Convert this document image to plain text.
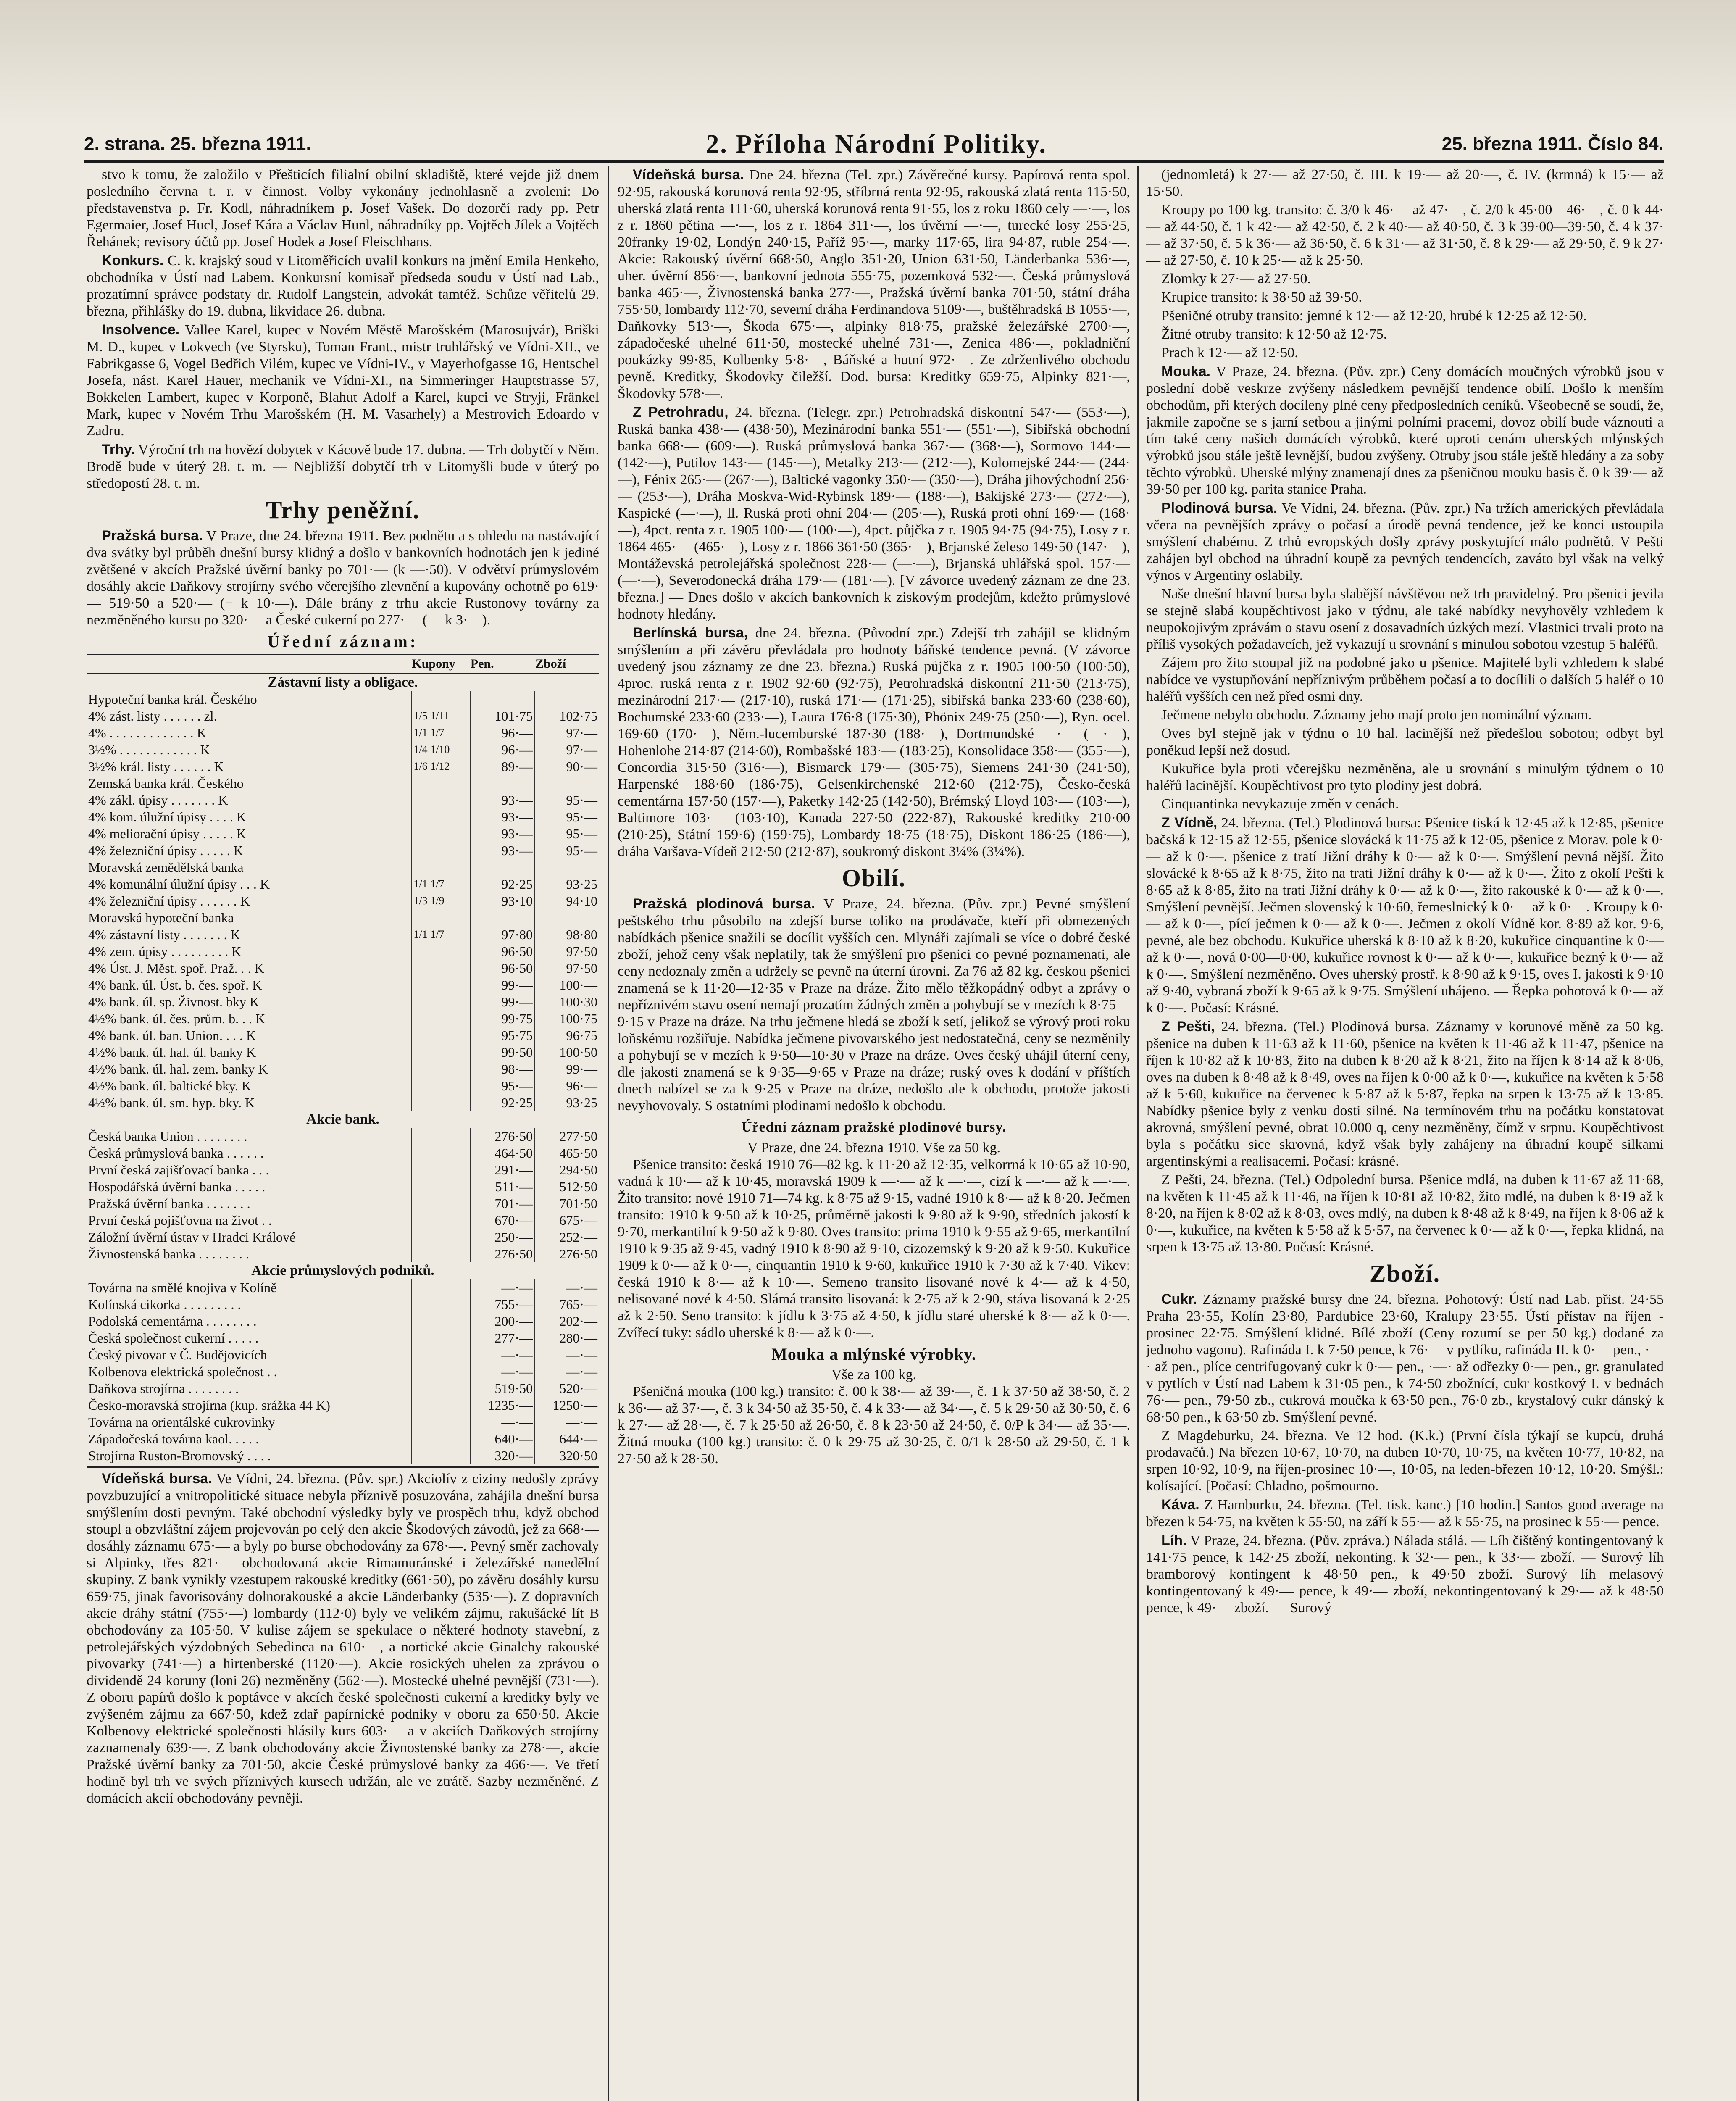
2. strana. 25. března 1911.	2. Příloha Národní Politiky.	25. března 1911. Číslo 84.

stvo k tomu, že založilo v Přešticích filialní obilní skladiště, které vejde již dnem posledního června t. r. v činnost. Volby vykonány jednohlasně a zvoleni: Do představenstva p. Fr. Kodl, náhradníkem p. Josef Vašek. Do dozorčí rady pp. Petr Egermaier, Josef Hucl, Josef Kára a Václav Hunl, náhradníky pp. Vojtěch Jílek a Vojtěch Řehánek; revisory účtů pp. Josef Hodek a Josef Fleischhans.

Konkurs. C. k. krajský soud v Litoměřicích uvalil konkurs na jmění Emila Henkeho, obchodníka v Ústí nad Labem. Konkursní komisař předseda soudu v Ústí nad Lab., prozatímní správce podstaty dr. Rudolf Langstein, advokát tamtéž. Schůze věřitelů 29. března, přihlášky do 19. dubna, likvidace 26. dubna.

Insolvence. Vallee Karel, kupec v Novém Městě Marošském (Marosujvár), Briški M. D., kupec v Lokvech (ve Styrsku), Toman Frant., mistr truhlářský ve Vídni-XII., ve Fabrikgasse 6, Vogel Bedřich Vilém, kupec ve Vídni-IV., v Mayerhofgasse 16, Hentschel Josefa, nást. Karel Hauer, mechanik ve Vídni-XI., na Simmeringer Hauptstrasse 57, Bokkelen Lambert, kupec v Korponě, Blahut Adolf a Karel, kupci ve Stryji, Fränkel Mark, kupec v Novém Trhu Marošském (H. M. Vasarhely) a Mestrovich Edoardo v Zadru.

Trhy. Výroční trh na hovězí dobytek v Kácově bude 17. dubna. — Trh dobytčí v Něm. Brodě bude v úterý 28. t. m. — Nejbližší dobytčí trh v Litomyšli bude v úterý po středopostí 28. t. m.

Trhy peněžní.

Pražská bursa. V Praze, dne 24. března 1911. Bez podnětu a s ohledu na nastávající dva svátky byl průběh dnešní bursy klidný a došlo v bankovních hodnotách jen k jediné zvětšené v akcích Pražské úvěrní banky po 701·— (k —·50). V odvětví průmyslovém dosáhly akcie Daňkovy strojírny svého včerejšího zlevnění a kupovány ochotně po 619·— 519·50 a 520·— (+ k 10·—). Dále brány z trhu akcie Rustonovy továrny za nezměněného kursu po 320·— a České cukerní po 277·— (— k 3·—).

Úřední záznam:
	Kupony	Pen.	Zboží
Zástavní listy a obligace.			
Hypoteční banka král. Českého			
4% zást. listy . . . . . . zl.	1/5 1/11	101·75	102·75
4% . . . . . . . . . . . . . K	1/1 1/7	96·—	97·—
3½% . . . . . . . . . . . . K	1/4 1/10	96·—	97·—
3½% král. listy . . . . . . K	1/6 1/12	89·—	90·—
Zemská banka král. Českého			
4% zákl. úpisy . . . . . . . K		93·—	95·—
4% kom. úlužní úpisy . . . . K		93·—	95·—
4% meliorační úpisy . . . . . K		93·—	95·—
4% železniční úpisy . . . . . K		93·—	95·—
Moravská zemědělská banka			
4% komunální úlužní úpisy . . . K	1/1 1/7	92·25	93·25
4% železniční úpisy . . . . . . K	1/3 1/9	93·10	94·10
Moravská hypoteční banka			
4% zástavní listy . . . . . . . K	1/1 1/7	97·80	98·80
4% zem. úpisy . . . . . . . . . K		96·50	97·50
4% Úst. J. Měst. spoř. Praž. . . K		96·50	97·50
4% bank. úl. Úst. b. čes. spoř. K		99·—	100·—
4% bank. úl. sp. Živnost. bky K		99·—	100·30
4½% bank. úl. čes. prům. b. . . K		99·75	100·75
4% bank. úl. ban. Union. . . . K		95·75	96·75
4½% bank. úl. hal. úl. banky K		99·50	100·50
4½% bank. úl. hal. zem. banky K		98·—	99·—
4½% bank. úl. baltické bky. K		95·—	96·—
4½% bank. úl. sm. hyp. bky. K		92·25	93·25
Akcie bank.			
Česká banka Union . . . . . . . .		276·50	277·50
Česká průmyslová banka . . . . . .		464·50	465·50
První česká zajišťovací banka . . .		291·—	294·50
Hospodářská úvěrní banka . . . . .		511·—	512·50
Pražská úvěrní banka . . . . . . .		701·—	701·50
První česká pojišťovna na život . .		670·—	675·—
Záložní úvěrní ústav v Hradci Králové		250·—	252·—
Živnostenská banka . . . . . . . .		276·50	276·50
Akcie průmyslových podniků.			
Továrna na smělé knojiva v Kolíně		—·—	—·—
Kolínská cikorka . . . . . . . . .		755·—	765·—
Podolská cementárna . . . . . . . .		200·—	202·—
Česká společnost cukerní . . . . .		277·—	280·—
Český pivovar v Č. Budějovicích		—·—	—·—
Kolbenova elektrická společnost . .		—·—	—·—
Daňkova strojírna . . . . . . . .		519·50	520·—
Česko-moravská strojírna (kup. srážka 44 K)		1235·—	1250·—
Továrna na orientálské cukrovinky		—·—	—·—
Západočeská továrna kaol. . . . .		640·—	644·—
Strojírna Ruston-Bromovský . . . .		320·—	320·50

Vídeňská bursa. Ve Vídni, 24. března. (Pův. spr.) Akciolív z ciziny nedošly zprávy povzbuzující a vnitropolitické situace nebyla příznivě posuzována, zahájila dnešní bursa smýšlením dosti pevným. Také obchodní výsledky byly ve prospěch trhu, když obchod stoupl a obzvláštní zájem projevován po celý den akcie Škodových závodů, jež za 668·— dosáhly záznamu 675·— a byly po burse obchodovány za 678·—. Pevný směr zachovaly si Alpinky, třes 821·— obchodovaná akcie Rimamuránské i železářské nanedělní skupiny. Z bank vynikly vzestupem rakouské kreditky (661·50), po závěru dosáhly kursu 659·75, jinak favorisovány dolnorakouské a akcie Länderbanky (535·—). Z dopravních akcie dráhy státní (755·—) lombardy (112·0) byly ve velikém zájmu, rakušácké lít B obchodovány za 105·50. V kulise zájem se spekulace o některé hodnoty stavební, z petrolejářských výzdobných Sebedinca na 610·—, a nortické akcie Ginalchy rakouské pivovarky (741·—) a hirtenberské (1120·—). Akcie rosických uhelen za zprávou o dividendě 24 koruny (loni 26) nezměněny (562·—). Mostecké uhelné pevnější (731·—). Z oboru papírů došlo k poptávce v akcích české společnosti cukerní a kreditky byly ve zvýšeném zájmu za 667·50, kdež zdař papírnické podniky v oboru za 650·50. Akcie Kolbenovy elektrické společnosti hlásily kurs 603·— a v akciích Daňkových strojírny zaznamenaly 639·—. Z bank obchodovány akcie Živnostenské banky za 278·—, akcie Pražské úvěrní banky za 701·50, akcie České průmyslové banky za 466·—. Ve třetí hodině byl trh ve svých příznivých kursech udržán, ale ve ztrátě. Sazby nezměněné. Z domácích akcií obchodovány pevněji.

Vídeňská bursa. Dne 24. března (Tel. zpr.) Závěrečné kursy. Papírová renta spol. 92·95, rakouská korunová renta 92·95, stříbrná renta 92·95, rakouská zlatá renta 115·50, uherská zlatá renta 111·60, uherská korunová renta 91·55, los z roku 1860 cely —·—, los z r. 1860 pětina —·—, los z r. 1864 311·—, los úvěrní —·—, turecké losy 255·25, 20franky 19·02, Londýn 240·15, Paříž 95·—, marky 117·65, lira 94·87, ruble 254·—. Akcie: Rakouský úvěrní 668·50, Anglo 351·20, Union 631·50, Länderbanka 536·—, uher. úvěrní 856·—, bankovní jednota 555·75, pozemková 532·—. Česká průmyslová banka 465·—, Živnostenská banka 277·—, Pražská úvěrní banka 701·50, státní dráha 755·50, lombardy 112·70, severní dráha Ferdinandova 5109·—, buštěhradská B 1055·—, Daňkovky 513·—, Škoda 675·—, alpinky 818·75, pražské železářské 2700·—, západočeské uhelné 611·50, mostecké uhelné 731·—, Zenica 486·—, pokladniční poukázky 99·85, Kolbenky 5·8·—, Báňské a hutní 972·—. Ze zdrženlivého obchodu pevně. Kreditky, Škodovky čiležší. Dod. bursa: Kreditky 659·75, Alpinky 821·—, Škodovky 578·—.

Z Petrohradu, 24. března. (Telegr. zpr.) Petrohradská diskontní 547·— (553·—), Ruská banka 438·— (438·50), Mezinárodní banka 551·— (551·—), Sibiřská obchodní banka 668·— (609·—). Ruská průmyslová banka 367·— (368·—), Sormovo 144·— (142·—), Putilov 143·— (145·—), Metalky 213·— (212·—), Kolomejské 244·— (244·—), Fénix 265·— (267·—), Baltické vagonky 350·— (350·—), Dráha jihovýchodní 256·— (253·—), Dráha Moskva-Wid-Rybinsk 189·— (188·—), Bakijské 273·— (272·—), Kaspické (—·—), ll. Ruská proti ohní 204·— (205·—), Ruská proti ohní 169·— (168·—), 4pct. renta z r. 1905 100·— (100·—), 4pct. půjčka z r. 1905 94·75 (94·75), Losy z r. 1864 465·— (465·—), Losy z r. 1866 361·50 (365·—), Brjanské želeso 149·50 (147·—), Montáževská petrolejářská společnost 228·— (—·—), Brjanská uhlářská spol. 157·— (—·—), Severodonecká dráha 179·— (181·—). [V závorce uvedený záznam ze dne 23. března.] — Dnes došlo v akcích bankovních k ziskovým prodejům, kdežto průmyslové hodnoty hledány.

Berlínská bursa, dne 24. března. (Původní zpr.) Zdejší trh zahájil se klidným smýšlením a při závěru převládala pro hodnoty báňské tendence pevná. (V závorce uvedený jsou záznamy ze dne 23. března.) Ruská půjčka z r. 1905 100·50 (100·50), 4proc. ruská renta z r. 1902 92·60 (92·75), Petrohradská diskontní 211·50 (213·75), mezinárodní 217·— (217·10), ruská 171·— (171·25), sibiřská banka 233·60 (238·60), Bochumské 233·60 (233·—), Laura 176·8 (175·30), Phönix 249·75 (250·—), Ryn. ocel. 169·60 (170·—), Něm.-lucemburské 187·30 (188·—), Dortmundské —·— (—·—), Hohenlohe 214·87 (214·60), Rombašské 183·— (183·25), Konsolidace 358·— (355·—), Concordia 315·50 (316·—), Bismarck 179·— (305·75), Siemens 241·30 (241·50), Harpenské 188·60 (186·75), Gelsenkirchenské 212·60 (212·75), Česko-česká cementárna 157·50 (157·—), Paketky 142·25 (142·50), Brémský Lloyd 103·— (103·—), Baltimore 103·— (103·10), Kanada 227·50 (222·87), Rakouské kreditky 210·00 (210·25), Státní 159·6) (159·75), Lombardy 18·75 (18·75), Diskont 186·25 (186·—), dráha Varšava-Vídeň 212·50 (212·87), soukromý diskont 3¼% (3¼%).

Obilí.

Pražská plodinová bursa. V Praze, 24. března. (Pův. zpr.) Pevné smýšlení peštského trhu působilo na zdejší burse toliko na prodávače, kteří při obmezených nabídkách pšenice snažili se docílit vyšších cen. Mlynáři zajímali se více o dobré české zboží, jehož ceny však neplatily, tak že smýšlení pro pšenici co pevné poznamenati, ale ceny nedoznaly změn a udržely se pevně na úterní úrovni. Za 76 až 82 kg. českou pšenici znamená se k 11·20—12·35 v Praze na dráze. Žito mělo těžkopádný odbyt a zprávy o nepříznivém stavu osení nemají prozatím žádných změn a pohybují se v mezích k 8·75—9·15 v Praze na dráze. Na trhu ječmene hledá se zboží k setí, jelikož se výrový proti roku loňskému rozšiřuje. Nabídka ječmene pivovarského jest nedostatečná, ceny se nezměnily a pohybují se v mezích k 9·50—10·30 v Praze na dráze. Oves český uhájil úterní ceny, dle jakosti znamená se k 9·35—9·65 v Praze na dráze; ruský oves k dodání v příštích dnech nabízel se za k 9·25 v Praze na dráze, nedošlo ale k obchodu, protože jakosti nevyhovovaly. S ostatními plodinami nedošlo k obchodu.

Úřední záznam pražské plodinové bursy.
V Praze, dne 24. března 1910. Vše za 50 kg.

Pšenice transito: česká 1910 76—82 kg. k 11·20 až 12·35, velkorrná k 10·65 až 10·90, vadná k 10·— až k 10·45, moravská 1909 k —·— až k —·—, cizí k —·— až k —·—. Žito transito: nové 1910 71—74 kg. k 8·75 až 9·15, vadné 1910 k 8·— až k 8·20. Ječmen transito: 1910 k 9·50 až k 10·25, průměrně jakosti k 9·80 až k 9·90, středních jakostí k 9·70, merkantilní k 9·50 až k 9·80. Oves transito: prima 1910 k 9·55 až 9·65, merkantilní 1910 k 9·35 až 9·45, vadný 1910 k 8·90 až 9·10, cizozemský k 9·20 až k 9·50. Kukuřice 1909 k 0·— až k 0·—, cinquantin 1910 k 9·60, kukuřice 1910 k 7·30 až k 7·40. Vikev: česká 1910 k 8·— až k 10·—. Semeno transito lisované nové k 4·— až k 4·50, nelisované nové k 4·50. Slámá transito lisovaná: k 2·75 až k 2·90, stáva lisovaná k 2·25 až k 2·50. Seno transito: k jídlu k 3·75 až 4·50, k jídlu staré uherské k 8·— až k 0·—. Zvířecí tuky: sádlo uherské k 8·— až k 0·—.

Mouka a mlýnské výrobky.
Vše za 100 kg.

Pšeničná mouka (100 kg.) transito: č. 00 k 38·— až 39·—, č. 1 k 37·50 až 38·50, č. 2 k 36·— až 37·—, č. 3 k 34·50 až 35·50, č. 4 k 33·— až 34·—, č. 5 k 29·50 až 30·50, č. 6 k 27·— až 28·—, č. 7 k 25·50 až 26·50, č. 8 k 23·50 až 24·50, č. 0/P k 34·— až 35·—. Žitná mouka (100 kg.) transito: č. 0 k 29·75 až 30·25, č. 0/1 k 28·50 až 29·50, č. 1 k 27·50 až k 28·50.

(jednomletá) k 27·— až 27·50, č. III. k 19·— až 20·—, č. IV. (krmná) k 15·— až 15·50.

Kroupy po 100 kg. transito: č. 3/0 k 46·— až 47·—, č. 2/0 k 45·00—46·—, č. 0 k 44·— až 44·50, č. 1 k 42·— až 42·50, č. 2 k 40·— až 40·50, č. 3 k 39·00—39·50, č. 4 k 37·— až 37·50, č. 5 k 36·— až 36·50, č. 6 k 31·— až 31·50, č. 8 k 29·— až 29·50, č. 9 k 27·— až 27·50, č. 10 k 25·— až k 25·50.

Zlomky k 27·— až 27·50.

Krupice transito: k 38·50 až 39·50.

Pšeničné otruby transito: jemné k 12·— až 12·20, hrubé k 12·25 až 12·50.

Žitné otruby transito: k 12·50 až 12·75.

Prach k 12·— až 12·50.

Mouka. V Praze, 24. března. (Pův. zpr.) Ceny domácích moučných výrobků jsou v poslední době veskrze zvýšeny následkem pevnější tendence obilí. Došlo k menším obchodům, při kterých docíleny plné ceny předposledních ceníků. Všeobecně se soudí, že, jakmile započne se s jarní setbou a jinými polními pracemi, dovoz obilí bude váznouti a tím také ceny našich domácích výrobků, které oproti cenám uherských mlýnských výrobků jsou stále ještě levnější, budou zvýšeny. Otruby jsou stále ještě hledány a za soby těchto výrobků. Uherské mlýny znamenají dnes za pšeničnou mouku basis č. 0 k 39·— až 39·50 per 100 kg. parita stanice Praha.

Plodinová bursa. Ve Vídni, 24. března. (Pův. zpr.) Na tržích amerických převládala včera na pevnějších zprávy o počasí a úrodě pevná tendence, jež ke konci ustoupila smýšlení chabému. Z trhů evropských došly zprávy poskytující málo podnětů. V Pešti zahájen byl obchod na úhradní koupě za pevných tendencích, zaváto byl však na velký výnos v Argentiny oslabily.

Naše dnešní hlavní bursa byla slabější návštěvou než trh pravidelný. Pro pšenici jevila se stejně slabá koupěchtivost jako v týdnu, ale také nabídky nevyhověly vzhledem k neupokojivým zprávám o stavu osení z dosavadních úzkých mezí. Vlastnici trvali proto na příliš vysokých požadavcích, jež vykazují u srovnání s minulou sobotou vzestup 5 haléřů.

Zájem pro žito stoupal již na podobné jako u pšenice. Majitelé byli vzhledem k slabé nabídce ve vystupňování nepříznivým průběhem počasí a to docílili o dalších 5 haléř o 10 haléřů vyšších cen než před osmi dny.

Ječmene nebylo obchodu. Záznamy jeho mají proto jen nominální význam.

Oves byl stejně jak v týdnu o 10 hal. lacinější než předešlou sobotou; odbyt byl poněkud lepší než dosud.

Kukuřice byla proti včerejšku nezměněna, ale u srovnání s minulým týdnem o 10 haléřů lacinější. Koupěchtivost pro tyto plodiny jest dobrá.

Cinquantinka nevykazuje změn v cenách.

Z Vídně, 24. března. (Tel.) Plodinová bursa: Pšenice tiská k 12·45 až k 12·85, pšenice bačská k 12·15 až 12·55, pšenice slovácká k 11·75 až k 12·05, pšenice z Morav. pole k 0·— až k 0·—. pšenice z tratí Jižní dráhy k 0·— až k 0·—. Smýšlení pevná nější. Žito slovácké k 8·65 až k 8·75, žito na trati Jižní dráhy k 0·— až k 0·—. Žito z okolí Pešti k 8·65 až k 8·85, žito na trati Jižní dráhy k 0·— až k 0·—, žito rakouské k 0·— až k 0·—. Smýšlení pevnější. Ječmen slovenský k 10·60, řemeslnický k 0·— až k 0·—. Kroupy k 0·— až k 0·—, pící ječmen k 0·— až k 0·—. Ječmen z okolí Vídně kor. 8·89 až kor. 9·6, pevné, ale bez obchodu. Kukuřice uherská k 8·10 až k 8·20, kukuřice cinquantine k 0·— až k 0·—, nová 0·00—0·00, kukuřice rovnost k 0·— až k 0·—, kukuřice bezný k 0·— až k 0·—. Smýšlení nezměněno. Oves uherský prostř. k 8·90 až k 9·15, oves I. jakosti k 9·10 až 9·40, vybraná zboží k 9·65 až k 9·75. Smýšlení uhájeno. — Řepka pohotová k 0·— až k 0·—. Počasí: Krásné.

Z Pešti, 24. března. (Tel.) Plodinová bursa. Záznamy v korunové měně za 50 kg. pšenice na duben k 11·63 až k 11·60, pšenice na květen k 11·46 až k 11·47, pšenice na říjen k 10·82 až k 10·83, žito na duben k 8·20 až k 8·21, žito na říjen k 8·14 až k 8·06, oves na duben k 8·48 až k 8·49, oves na říjen k 0·00 až k 0·—, kukuřice na květen k 5·58 až k 5·60, kukuřice na červenec k 5·87 až k 5·87, řepka na srpen k 13·75 až k 13·85. Nabídky pšenice byly z venku dosti silné. Na termínovém trhu na počátku konstatovat akrovná, smýšlení pevné, obrat 10.000 q, ceny nezměněny, čímž v srpnu. Koupěchtivost byla s počátku sice skrovná, když však byly zahájeny na úhradní koupě silkami argentinskými a realisacemi. Počasí: krásné.

Z Pešti, 24. března. (Tel.) Odpolední bursa. Pšenice mdlá, na duben k 11·67 až 11·68, na květen k 11·45 až k 11·46, na říjen k 10·81 až 10·82, žito mdlé, na duben k 8·19 až k 8·20, na říjen k 8·02 až k 8·03, oves mdlý, na duben k 8·48 až k 8·49, na říjen k 8·06 až k 0·—, kukuřice, na květen k 5·58 až k 5·57, na červenec k 0·— až k 0·—, řepka klidná, na srpen k 13·75 až 13·80. Počasí: Krásné.

Zboží.

Cukr. Záznamy pražské bursy dne 24. března. Pohotový: Ústí nad Lab. přist. 24·55 Praha 23·55, Kolín 23·80, Pardubice 23·60, Kralupy 23·55. Ústí přístav na říjen - prosinec 22·75. Smýšlení klidné. Bílé zboží (Ceny rozumí se per 50 kg.) dodané za jednoho vagonu). Rafináda I. k 7·50 pence, k 76·— v pytlíku, rafináda II. k 0·— pen., ·—· až pen., plíce centrifugovaný cukr k 0·— pen., ·—· až odřezky 0·— pen., gr. granulated v pytlích v Ústí nad Labem k 31·05 pen., k 74·50 zbožnící, cukr kostkový I. v bednách 76·— pen., 79·50 zb., cukrová moučka k 63·50 pen., 76·0 zb., krystalový cukr dánský k 68·50 pen., k 63·50 zb. Smýšlení pevné.

Z Magdeburku, 24. března. Ve 12 hod. (K.k.) (První čísla týkají se kupců, druhá prodavačů.) Na březen 10·67, 10·70, na duben 10·70, 10·75, na květen 10·77, 10·82, na srpen 10·92, 10·9, na říjen-prosinec 10·—, 10·05, na leden-březen 10·12, 10·20. Smýšl.: kolísající. [Počasí: Chladno, pošmourno.

Káva. Z Hamburku, 24. března. (Tel. tisk. kanc.) [10 hodin.] Santos good average na březen k 54·75, na květen k 55·50, na září k 55·— až k 55·75, na prosinec k 55·— pence.

Líh. V Praze, 24. března. (Pův. zpráva.) Nálada stálá. — Líh čištěný kontingentovaný k 141·75 pence, k 142·25 zboží, nekonting. k 32·— pen., k 33·— zboží. — Surový líh bramborový kontingent k 48·50 pen., k 49·50 zboží. Surový líh melasový kontingentovaný k 49·— pence, k 49·— zboží, nekontingentovaný k 29·— až k 48·50 pence, k 49·— zboží. — Surový
